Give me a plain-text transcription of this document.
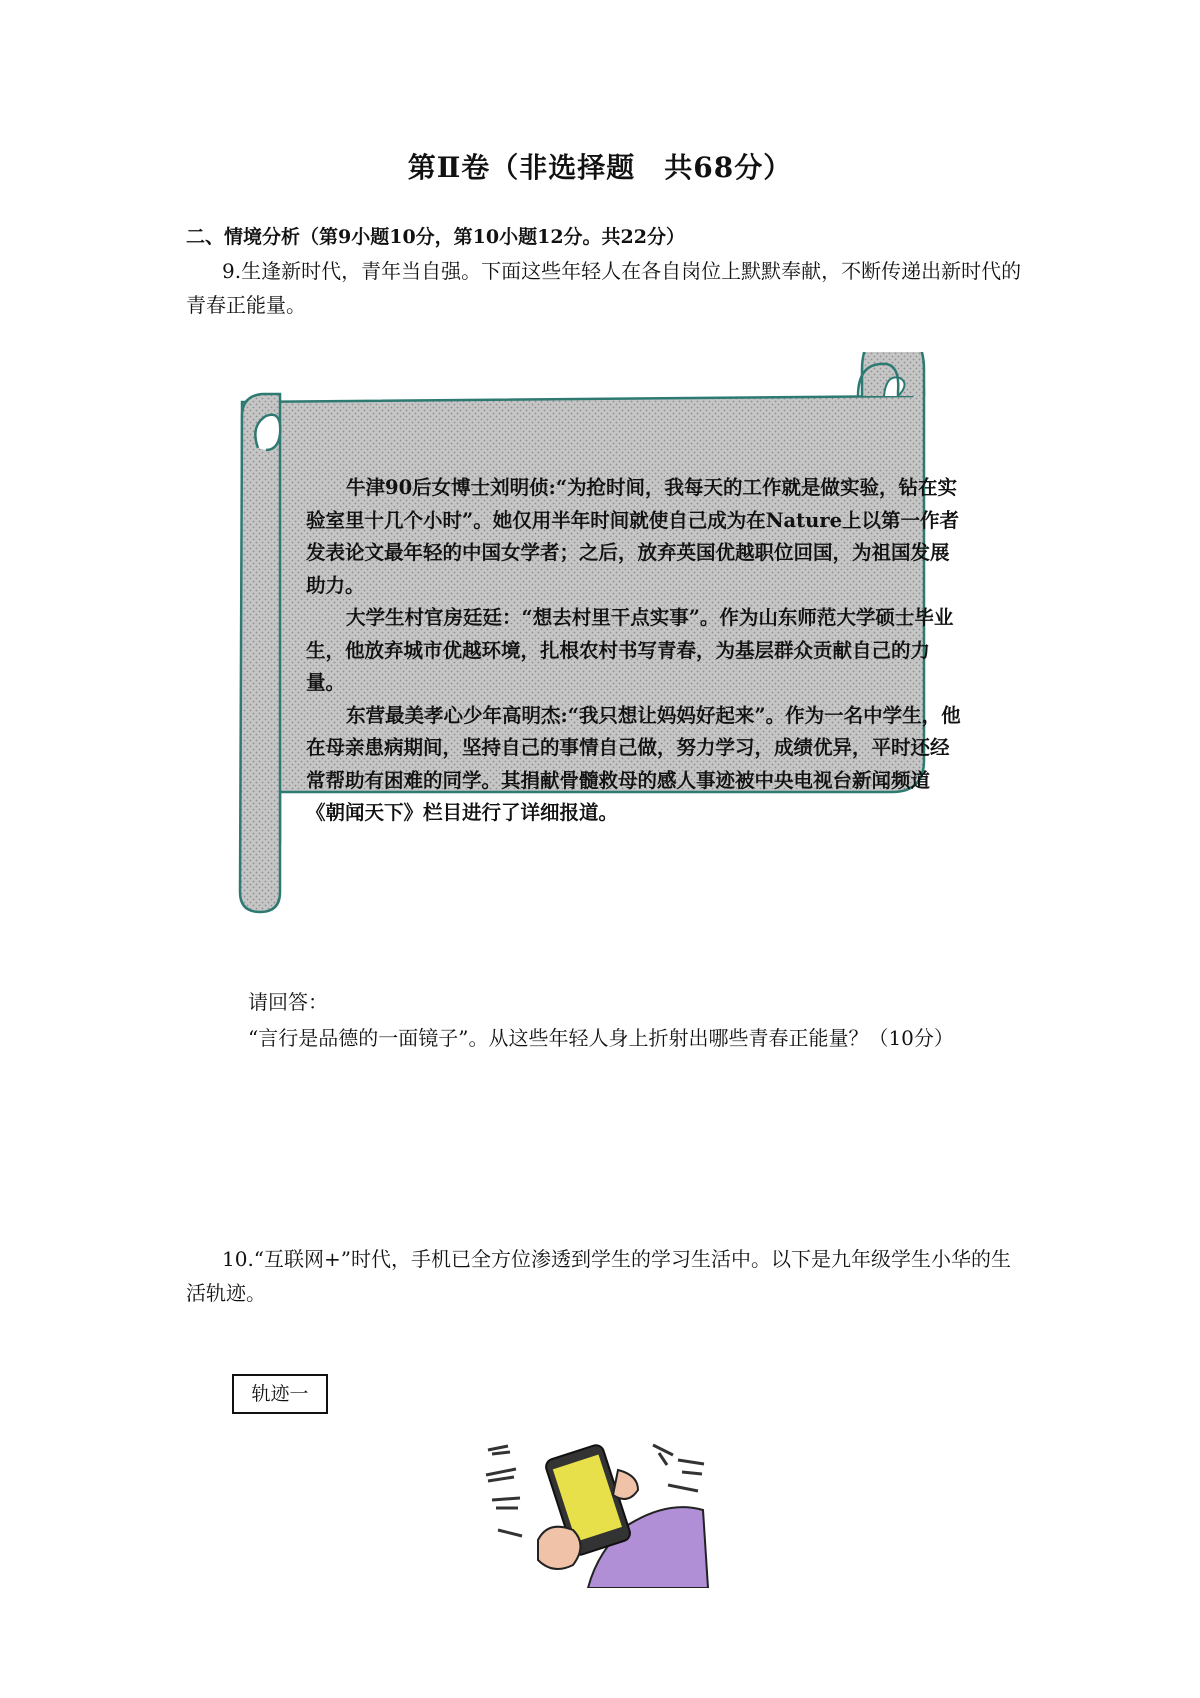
第Ⅱ卷（非选择题　共68分）
二、情境分析（第9小题10分，第10小题12分。共22分）
9.生逢新时代，青年当自强。下面这些年轻人在各自岗位上默默奉献，不断传递出新时代的青春正能量。

牛津90后女博士刘明侦:“为抢时间，我每天的工作就是做实验，钻在实验室里十几个小时”。她仅用半年时间就使自己成为在Nature上以第一作者发表论文最年轻的中国女学者；之后，放弃英国优越职位回国，为祖国发展助力。

大学生村官房廷廷：“想去村里干点实事”。作为山东师范大学硕士毕业生，他放弃城市优越环境，扎根农村书写青春，为基层群众贡献自己的力量。

东营最美孝心少年高明杰:“我只想让妈妈好起来”。作为一名中学生，他在母亲患病期间，坚持自己的事情自己做，努力学习，成绩优异，平时还经常帮助有困难的同学。其捐献骨髓救母的感人事迹被中央电视台新闻频道《朝闻天下》栏目进行了详细报道。

请回答：
“言行是品德的一面镜子”。从这些年轻人身上折射出哪些青春正能量？（10分）
10.“互联网+”时代，手机已全方位渗透到学生的学习生活中。以下是九年级学生小华的生活轨迹。
轨迹一
